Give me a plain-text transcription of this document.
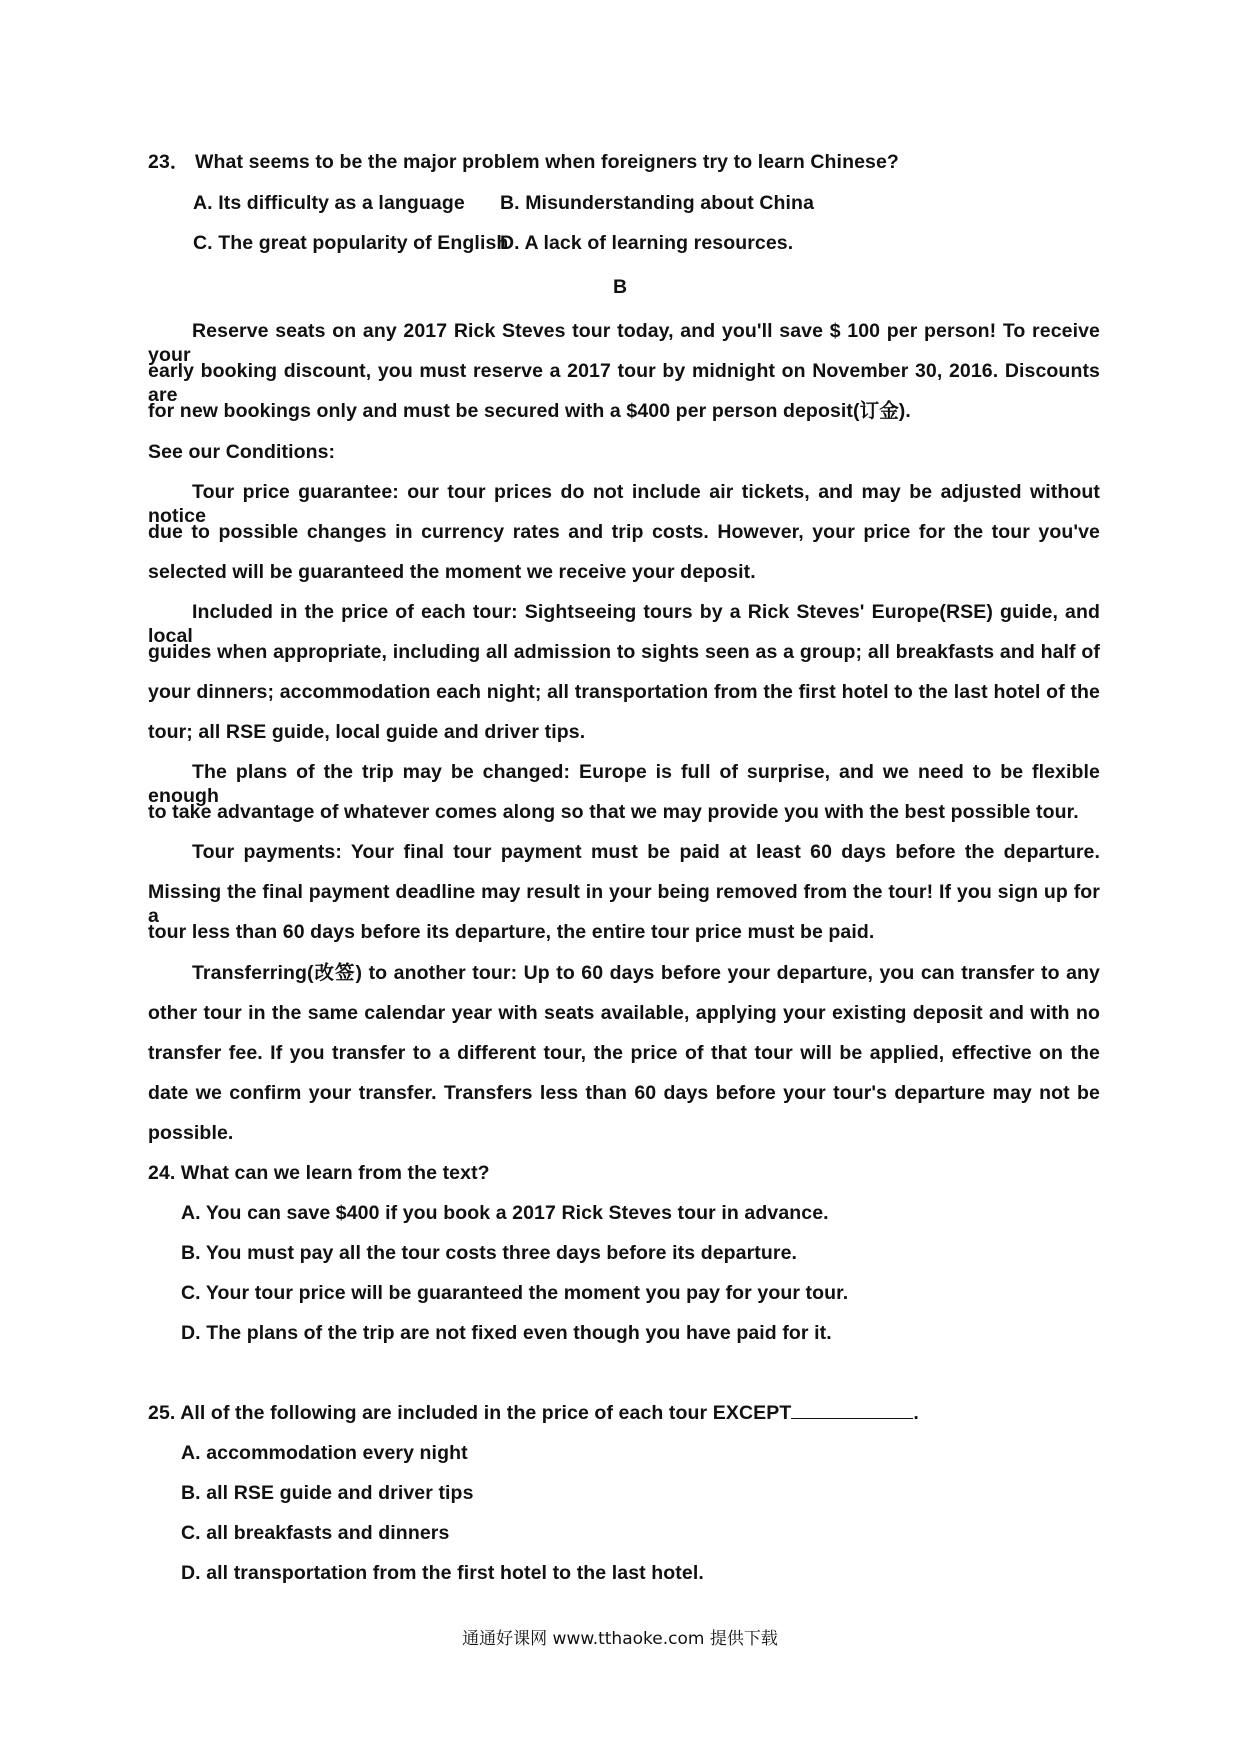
23． What seems to be the major problem when foreigners try to learn Chinese?
A. Its difficulty as a language B. Misunderstanding about China
C. The great popularity of English
D. A lack of learning resources.
B
Reserve seats on any 2017 Rick Steves tour today, and you'll save $ 100 per person! To receive your
early booking discount, you must reserve a 2017 tour by midnight on November 30, 2016. Discounts are
for new bookings only and must be secured with a $400 per person deposit(订金).
See our Conditions:
Tour price guarantee: our tour prices do not include air tickets, and may be adjusted without notice
due to possible changes in currency rates and trip costs. However, your price for the tour you've
selected will be guaranteed the moment we receive your deposit.
Included in the price of each tour: Sightseeing tours by a Rick Steves' Europe(RSE) guide, and local
guides when appropriate, including all admission to sights seen as a group; all breakfasts and half of
your dinners; accommodation each night; all transportation from the first hotel to the last hotel of the
tour; all RSE guide, local guide and driver tips.
The plans of the trip may be changed: Europe is full of surprise, and we need to be flexible enough
to take advantage of whatever comes along so that we may provide you with the best possible tour.
Tour payments: Your final tour payment must be paid at least 60 days before the departure.
Missing the final payment deadline may result in your being removed from the tour! If you sign up for a
tour less than 60 days before its departure, the entire tour price must be paid.
Transferring(改签) to another tour: Up to 60 days before your departure, you can transfer to any
other tour in the same calendar year with seats available, applying your existing deposit and with no
transfer fee. If you transfer to a different tour, the price of that tour will be applied, effective on the
date we confirm your transfer. Transfers less than 60 days before your tour's departure may not be
possible.
24. What can we learn from the text?
A. You can save $400 if you book a 2017 Rick Steves tour in advance.
B. You must pay all the tour costs three days before its departure.
C. Your tour price will be guaranteed the moment you pay for your tour.
D. The plans of the trip are not fixed even though you have paid for it.
25. All of the following are included in the price of each tour EXCEPT	.
A. accommodation every night
B. all RSE guide and driver tips
C. all breakfasts and dinners
D. all transportation from the first hotel to the last hotel.
通通好课网 www.tthaoke.com 提供下载
